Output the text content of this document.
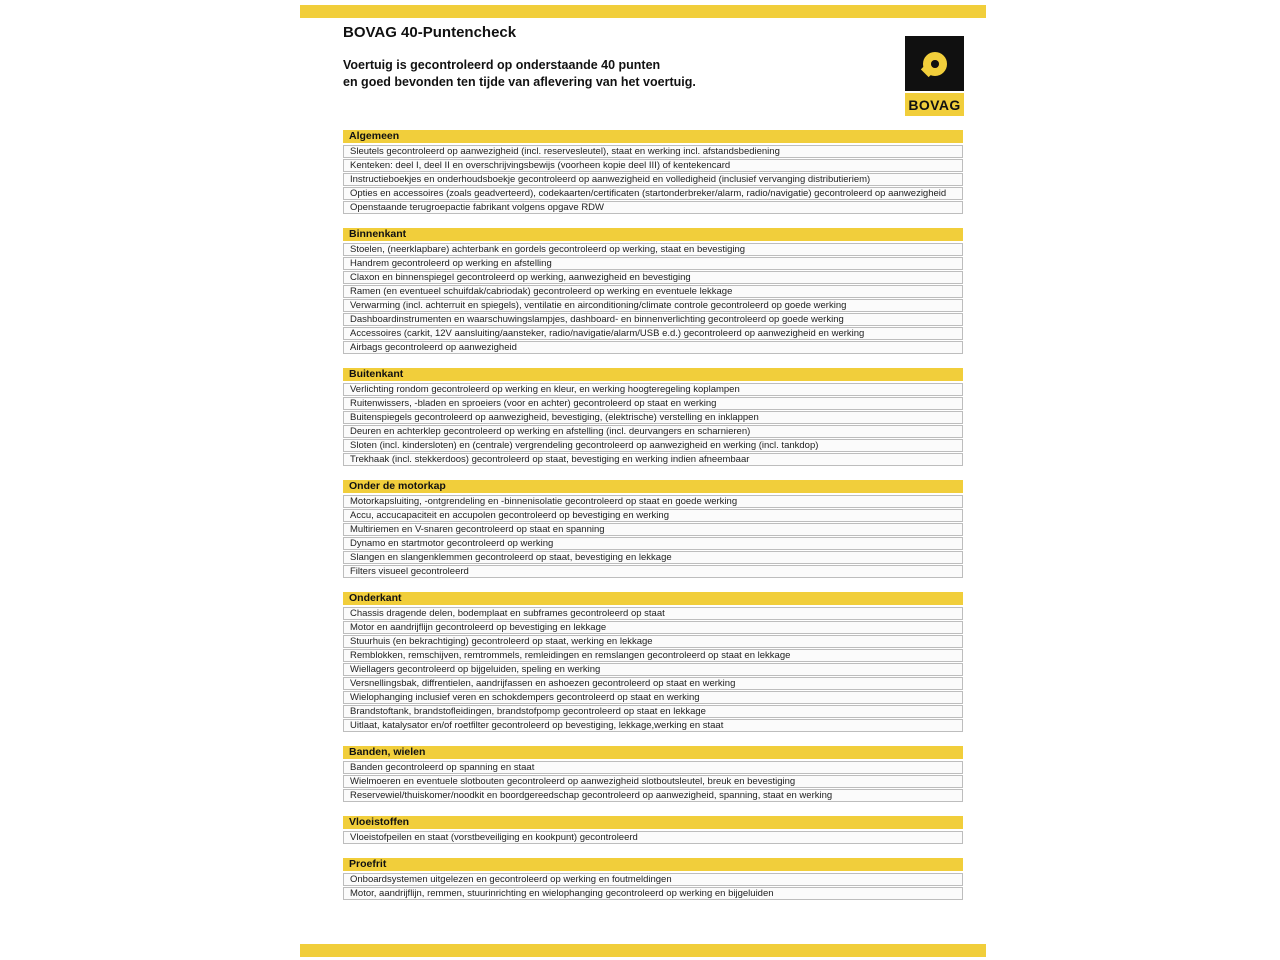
BOVAG 40-Puntencheck
Voertuig is gecontroleerd op onderstaande 40 punten
en goed bevonden ten tijde van aflevering van het voertuig.
BOVAG
Algemeen
Sleutels gecontroleerd op aanwezigheid (incl. reservesleutel), staat en werking incl. afstandsbediening
Kenteken: deel I, deel II en overschrijvingsbewijs (voorheen kopie deel III) of kentekencard
Instructieboekjes en onderhoudsboekje gecontroleerd op aanwezigheid en volledigheid (inclusief vervanging distributieriem)
Opties en accessoires (zoals geadverteerd), codekaarten/certificaten (startonderbreker/alarm, radio/navigatie) gecontroleerd op aanwezigheid
Openstaande terugroepactie fabrikant volgens opgave RDW
Binnenkant
Stoelen, (neerklapbare) achterbank en gordels gecontroleerd op werking, staat en bevestiging
Handrem gecontroleerd op werking en afstelling
Claxon en binnenspiegel gecontroleerd op werking, aanwezigheid en bevestiging
Ramen (en eventueel schuifdak/cabriodak) gecontroleerd op werking en eventuele lekkage
Verwarming (incl. achterruit en spiegels), ventilatie en airconditioning/climate controle gecontroleerd op goede werking
Dashboardinstrumenten en waarschuwingslampjes, dashboard- en binnenverlichting gecontroleerd op goede werking
Accessoires (carkit, 12V aansluiting/aansteker, radio/navigatie/alarm/USB e.d.) gecontroleerd op aanwezigheid en werking
Airbags gecontroleerd op aanwezigheid
Buitenkant
Verlichting rondom gecontroleerd op werking en kleur, en werking hoogteregeling koplampen
Ruitenwissers, -bladen en sproeiers (voor en achter) gecontroleerd op staat en werking
Buitenspiegels gecontroleerd op aanwezigheid, bevestiging, (elektrische) verstelling en inklappen
Deuren en achterklep gecontroleerd op werking en afstelling (incl. deurvangers en scharnieren)
Sloten (incl. kindersloten) en (centrale) vergrendeling gecontroleerd op aanwezigheid en werking (incl. tankdop)
Trekhaak (incl. stekkerdoos) gecontroleerd op staat, bevestiging en werking indien afneembaar
Onder de motorkap
Motorkapsluiting, -ontgrendeling en -binnenisolatie gecontroleerd op staat en goede werking
Accu, accucapaciteit en accupolen gecontroleerd op bevestiging en werking
Multiriemen en V-snaren gecontroleerd op staat en spanning
Dynamo en startmotor gecontroleerd op werking
Slangen en slangenklemmen gecontroleerd op staat, bevestiging en lekkage
Filters visueel gecontroleerd
Onderkant
Chassis dragende delen, bodemplaat en subframes gecontroleerd op staat
Motor en aandrijflijn gecontroleerd op bevestiging en lekkage
Stuurhuis (en bekrachtiging) gecontroleerd op staat, werking en lekkage
Remblokken, remschijven, remtrommels, remleidingen en remslangen gecontroleerd op staat en lekkage
Wiellagers gecontroleerd op bijgeluiden, speling en werking
Versnellingsbak, diffrentielen, aandrijfassen en ashoezen gecontroleerd op staat en werking
Wielophanging inclusief veren en schokdempers gecontroleerd op staat en werking
Brandstoftank, brandstofleidingen, brandstofpomp gecontroleerd op staat en lekkage
Uitlaat, katalysator en/of roetfilter gecontroleerd op bevestiging, lekkage,werking en staat
Banden, wielen
Banden gecontroleerd op spanning en staat
Wielmoeren en eventuele slotbouten gecontroleerd op aanwezigheid slotboutsleutel, breuk en bevestiging
Reservewiel/thuiskomer/noodkit en boordgereedschap gecontroleerd op aanwezigheid, spanning, staat en werking
Vloeistoffen
Vloeistofpeilen en staat (vorstbeveiliging en kookpunt) gecontroleerd
Proefrit
Onboardsystemen uitgelezen en gecontroleerd op werking en foutmeldingen
Motor, aandrijflijn, remmen, stuurinrichting en wielophanging gecontroleerd op werking en bijgeluiden
